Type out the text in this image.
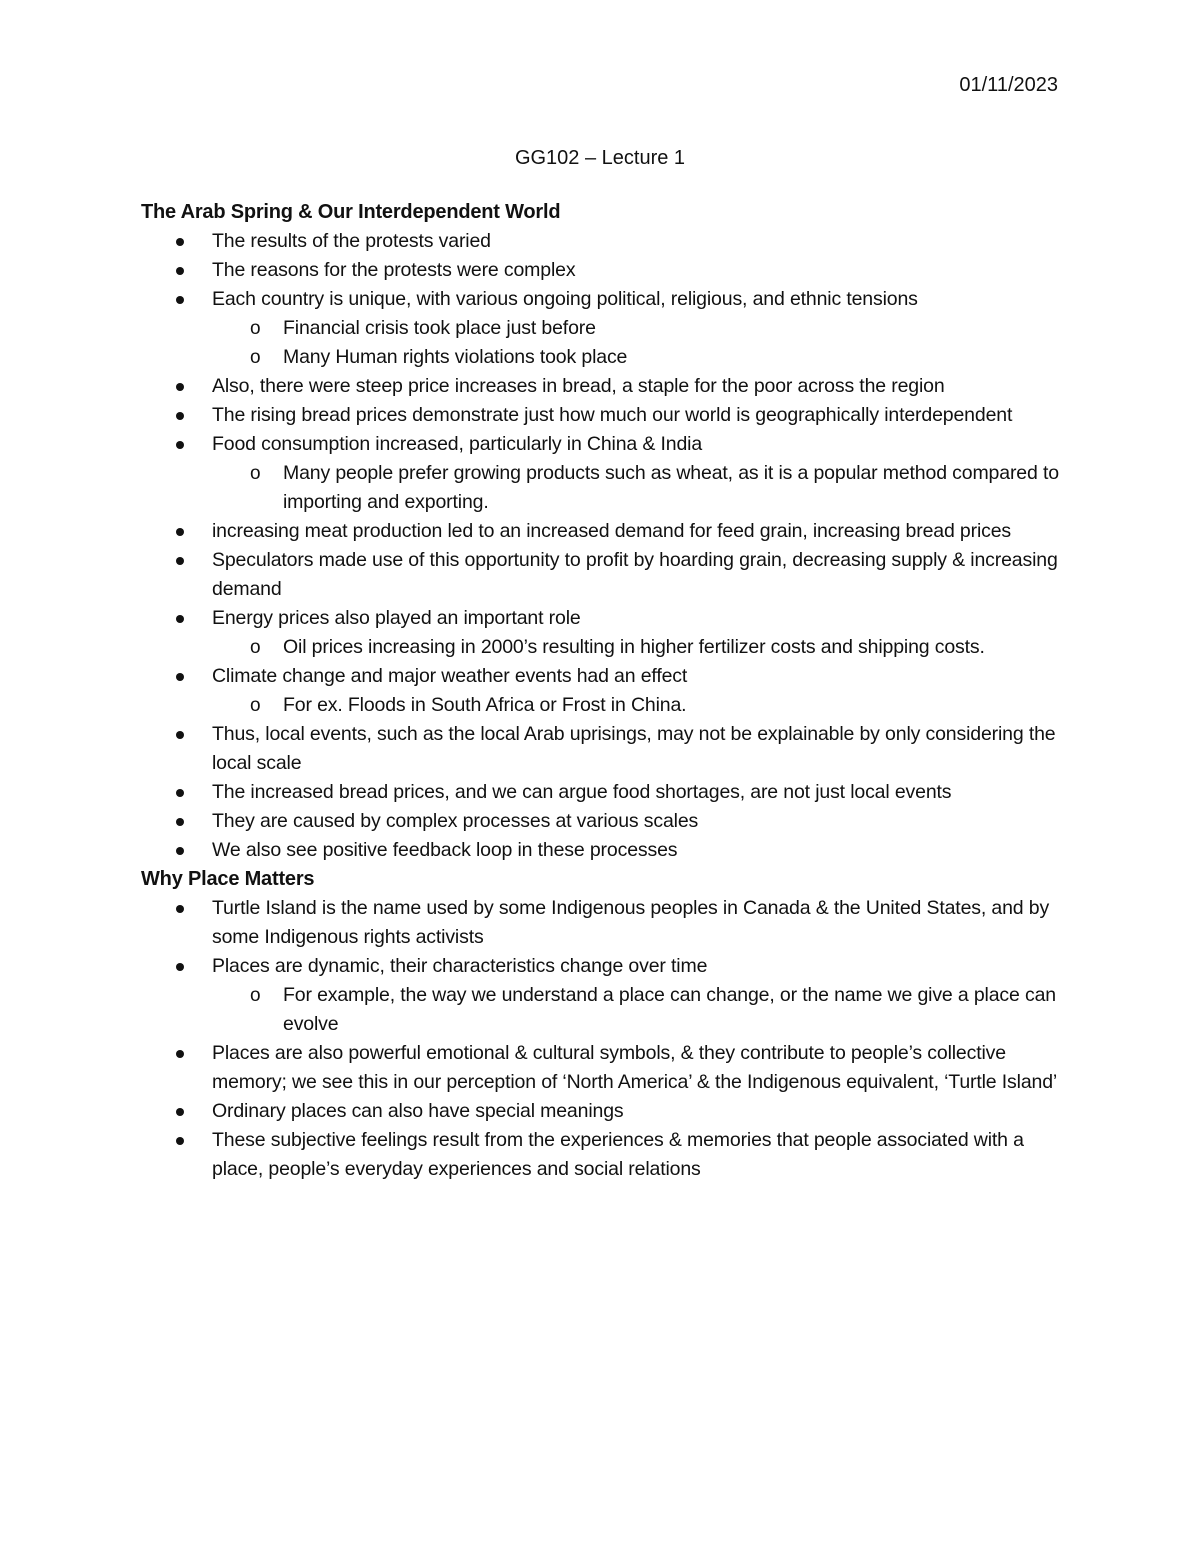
01/11/2023
GG102 – Lecture 1
The Arab Spring & Our Interdependent World
The results of the protests varied
The reasons for the protests were complex
Each country is unique, with various ongoing political, religious, and ethnic tensions
o Financial crisis took place just before
o Many Human rights violations took place
Also, there were steep price increases in bread, a staple for the poor across the region
The rising bread prices demonstrate just how much our world is geographically interdependent
Food consumption increased, particularly in China & India
o Many people prefer growing products such as wheat, as it is a popular method compared to importing and exporting.
increasing meat production led to an increased demand for feed grain, increasing bread prices
Speculators made use of this opportunity to profit by hoarding grain, decreasing supply & increasing demand
Energy prices also played an important role
o Oil prices increasing in 2000’s resulting in higher fertilizer costs and shipping costs.
Climate change and major weather events had an effect
o For ex. Floods in South Africa or Frost in China.
Thus, local events, such as the local Arab uprisings, may not be explainable by only considering the local scale
The increased bread prices, and we can argue food shortages, are not just local events
They are caused by complex processes at various scales
We also see positive feedback loop in these processes
Why Place Matters
Turtle Island is the name used by some Indigenous peoples in Canada & the United States, and by some Indigenous rights activists
Places are dynamic, their characteristics change over time
o For example, the way we understand a place can change, or the name we give a place can evolve
Places are also powerful emotional & cultural symbols, & they contribute to people’s collective memory; we see this in our perception of ‘North America’ & the Indigenous equivalent, ‘Turtle Island’
Ordinary places can also have special meanings
These subjective feelings result from the experiences & memories that people associated with a place, people’s everyday experiences and social relations
